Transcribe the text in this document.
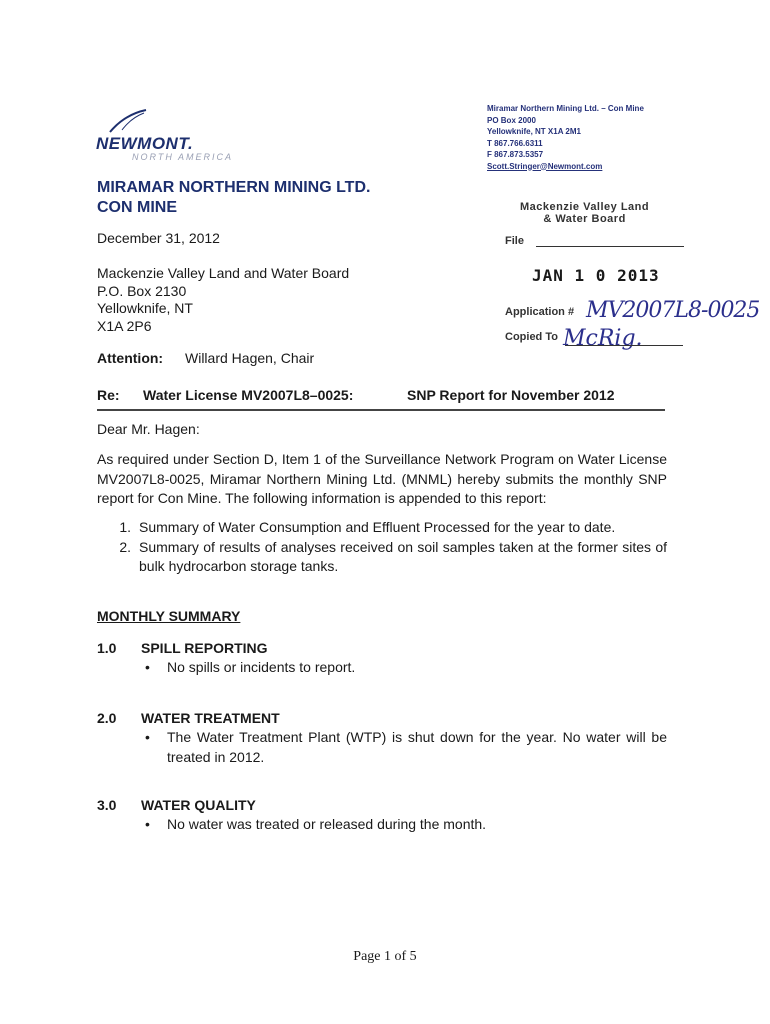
NEWMONT.
NORTH AMERICA
Miramar Northern Mining Ltd. – Con Mine
PO Box 2000
Yellowknife, NT X1A 2M1
T 867.766.6311
F 867.873.5357
Scott.Stringer@Newmont.com
MIRAMAR NORTHERN MINING LTD.
CON MINE
December 31, 2012
Mackenzie Valley Land
& Water Board
File
JAN 1 0 2013
Application # MV2007L8-0025
Copied To McRig.
Mackenzie Valley Land and Water Board
P.O. Box 2130
Yellowknife, NT
X1A 2P6
Attention: Willard Hagen, Chair
Re: Water License MV2007L8–0025:	SNP Report for November 2012
Dear Mr. Hagen:
As required under Section D, Item 1 of the Surveillance Network Program on Water License MV2007L8-0025, Miramar Northern Mining Ltd. (MNML) hereby submits the monthly SNP report for Con Mine. The following information is appended to this report:
1. Summary of Water Consumption and Effluent Processed for the year to date.
2. Summary of results of analyses received on soil samples taken at the former sites of bulk hydrocarbon storage tanks.
MONTHLY SUMMARY
1.0	SPILL REPORTING
•	No spills or incidents to report.
2.0	WATER TREATMENT
•	The Water Treatment Plant (WTP) is shut down for the year. No water will be treated in 2012.
3.0	WATER QUALITY
•	No water was treated or released during the month.
Page 1 of 5
